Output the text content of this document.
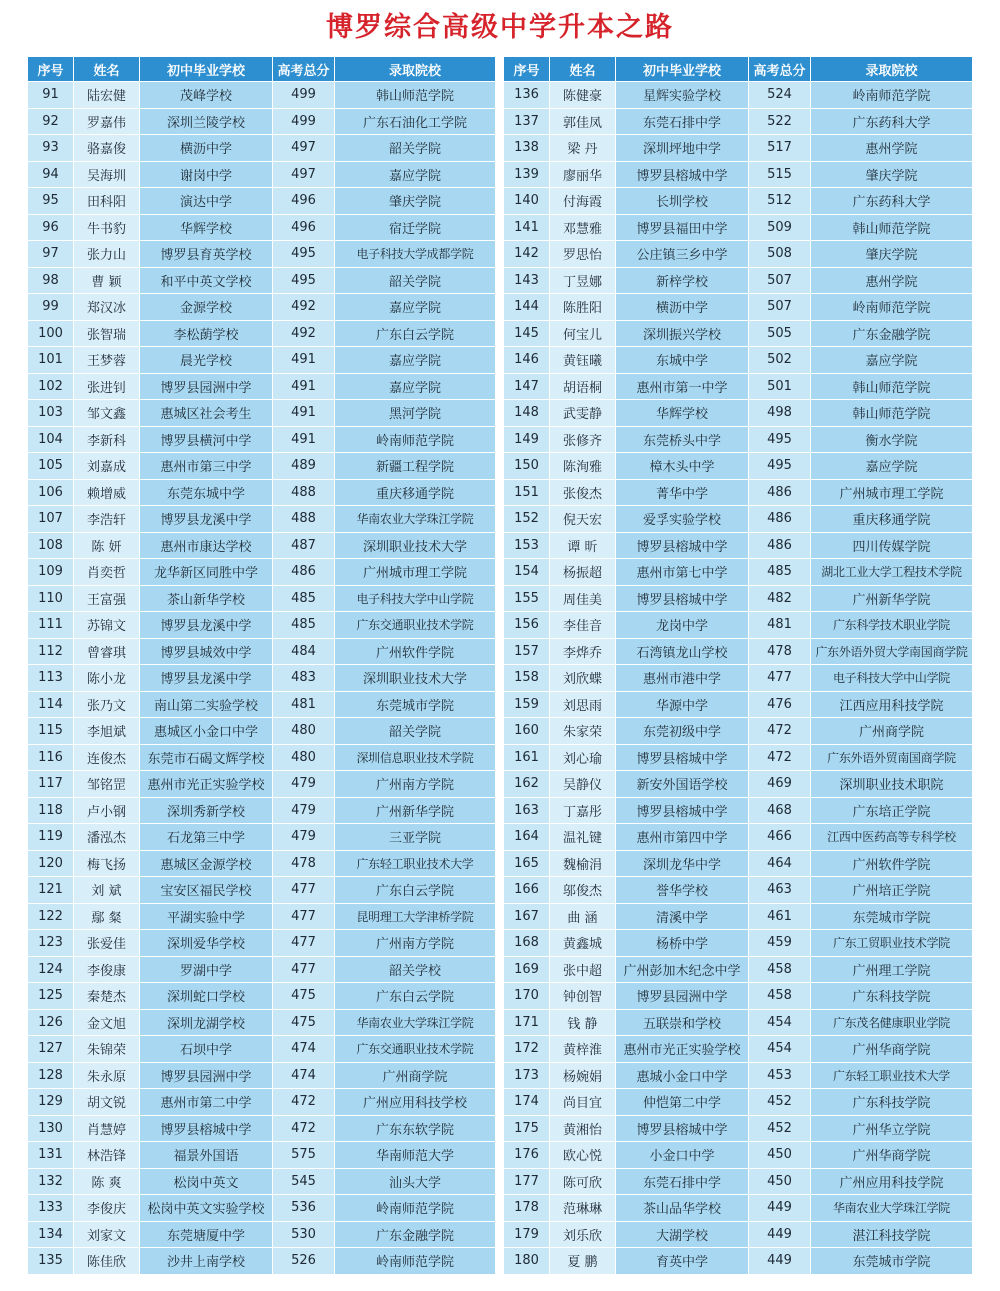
博罗综合高级中学升本之路
序号	姓名	初中毕业学校	高考总分	录取院校
91	陆宏健	茂峰学校	499	韩山师范学院
92	罗嘉伟	深圳兰陵学校	499	广东石油化工学院
93	骆嘉俊	横沥中学	497	韶关学院
94	吴海圳	谢岗中学	497	嘉应学院
95	田科阳	演达中学	496	肇庆学院
96	牛书豹	华辉学校	496	宿迁学院
97	张力山	博罗县育英学校	495	电子科技大学成都学院
98	曹 颖	和平中英文学校	495	韶关学院
99	郑汉冰	金源学校	492	嘉应学院
100	张智瑞	李松蓢学校	492	广东白云学院
101	王梦蓉	晨光学校	491	嘉应学院
102	张进钊	博罗县园洲中学	491	嘉应学院
103	邹文鑫	惠城区社会考生	491	黑河学院
104	李新科	博罗县横河中学	491	岭南师范学院
105	刘嘉成	惠州市第三中学	489	新疆工程学院
106	赖增威	东莞东城中学	488	重庆移通学院
107	李浩轩	博罗县龙溪中学	488	华南农业大学珠江学院
108	陈 妍	惠州市康达学校	487	深圳职业技术大学
109	肖奕哲	龙华新区同胜中学	486	广州城市理工学院
110	王富强	茶山新华学校	485	电子科技大学中山学院
111	苏锦文	博罗县龙溪中学	485	广东交通职业技术学院
112	曾睿琪	博罗县城效中学	484	广州软件学院
113	陈小龙	博罗县龙溪中学	483	深圳职业技术大学
114	张乃文	南山第二实验学校	481	东莞城市学院
115	李旭斌	惠城区小金口中学	480	韶关学院
116	连俊杰	东莞市石碣文辉学校	480	深圳信息职业技术学院
117	邹铭罡	惠州市光正实验学校	479	广州南方学院
118	卢小钢	深圳秀新学校	479	广州新华学院
119	潘泓杰	石龙第三中学	479	三亚学院
120	梅飞扬	惠城区金源学校	478	广东轻工职业技术大学
121	刘 斌	宝安区福民学校	477	广东白云学院
122	鄢 粲	平湖实验中学	477	昆明理工大学津桥学院
123	张爱佳	深圳爱华学校	477	广州南方学院
124	李俊康	罗湖中学	477	韶关学校
125	秦楚杰	深圳蛇口学校	475	广东白云学院
126	金文旭	深圳龙湖学校	475	华南农业大学珠江学院
127	朱锦荣	石坝中学	474	广东交通职业技术学院
128	朱永原	博罗县园洲中学	474	广州商学院
129	胡文锐	惠州市第二中学	472	广州应用科技学校
130	肖慧婷	博罗县榕城中学	472	广东东软学院
131	林浩锋	福景外国语	575	华南师范大学
132	陈 爽	松岗中英文	545	汕头大学
133	李俊庆	松岗中英文实验学校	536	岭南师范学院
134	刘家文	东莞塘厦中学	530	广东金融学院
135	陈佳欣	沙井上南学校	526	岭南师范学院
序号	姓名	初中毕业学校	高考总分	录取院校
136	陈健豪	星辉实验学校	524	岭南师范学院
137	郭佳凤	东莞石排中学	522	广东药科大学
138	梁 丹	深圳坪地中学	517	惠州学院
139	廖丽华	博罗县榕城中学	515	肇庆学院
140	付海霞	长圳学校	512	广东药科大学
141	邓慧雅	博罗县福田中学	509	韩山师范学院
142	罗思怡	公庄镇三乡中学	508	肇庆学院
143	丁昱娜	新梓学校	507	惠州学院
144	陈胜阳	横沥中学	507	岭南师范学院
145	何宝儿	深圳振兴学校	505	广东金融学院
146	黄钰曦	东城中学	502	嘉应学院
147	胡语桐	惠州市第一中学	501	韩山师范学院
148	武雯静	华辉学校	498	韩山师范学院
149	张修齐	东莞桥头中学	495	衡水学院
150	陈洵雅	樟木头中学	495	嘉应学院
151	张俊杰	菁华中学	486	广州城市理工学院
152	倪天宏	爱孚实验学校	486	重庆移通学院
153	谭 昕	博罗县榕城中学	486	四川传媒学院
154	杨振超	惠州市第七中学	485	湖北工业大学工程技术学院
155	周佳美	博罗县榕城中学	482	广州新华学院
156	李佳音	龙岗中学	481	广东科学技术职业学院
157	李烨乔	石湾镇龙山学校	478	广东外语外贸大学南国商学院
158	刘欣蝶	惠州市港中学	477	电子科技大学中山学院
159	刘思雨	华源中学	476	江西应用科技学院
160	朱家荣	东莞初级中学	472	广州商学院
161	刘心瑜	博罗县榕城中学	472	广东外语外贸南国商学院
162	吴静仪	新安外国语学校	469	深圳职业技术职院
163	丁嘉彤	博罗县榕城中学	468	广东培正学院
164	温礼键	惠州市第四中学	466	江西中医药高等专科学校
165	魏榆涓	深圳龙华中学	464	广州软件学院
166	邬俊杰	誉华学校	463	广州培正学院
167	曲 涵	清溪中学	461	东莞城市学院
168	黄鑫城	杨桥中学	459	广东工贸职业技术学院
169	张中超	广州彭加木纪念中学	458	广州理工学院
170	钟创智	博罗县园洲中学	458	广东科技学院
171	钱 静	五联崇和学校	454	广东茂名健康职业学院
172	黄梓淮	惠州市光正实验学校	454	广州华商学院
173	杨婉娟	惠城小金口中学	453	广东轻工职业技术大学
174	尚目宜	仲恺第二中学	452	广东科技学院
175	黄湘怡	博罗县榕城中学	452	广州华立学院
176	欧心悦	小金口中学	450	广州华商学院
177	陈可欣	东莞石排中学	450	广州应用科技学院
178	范琳琳	茶山品华学校	449	华南农业大学珠江学院
179	刘乐欣	大湖学校	449	湛江科技学院
180	夏 鹏	育英中学	449	东莞城市学院
